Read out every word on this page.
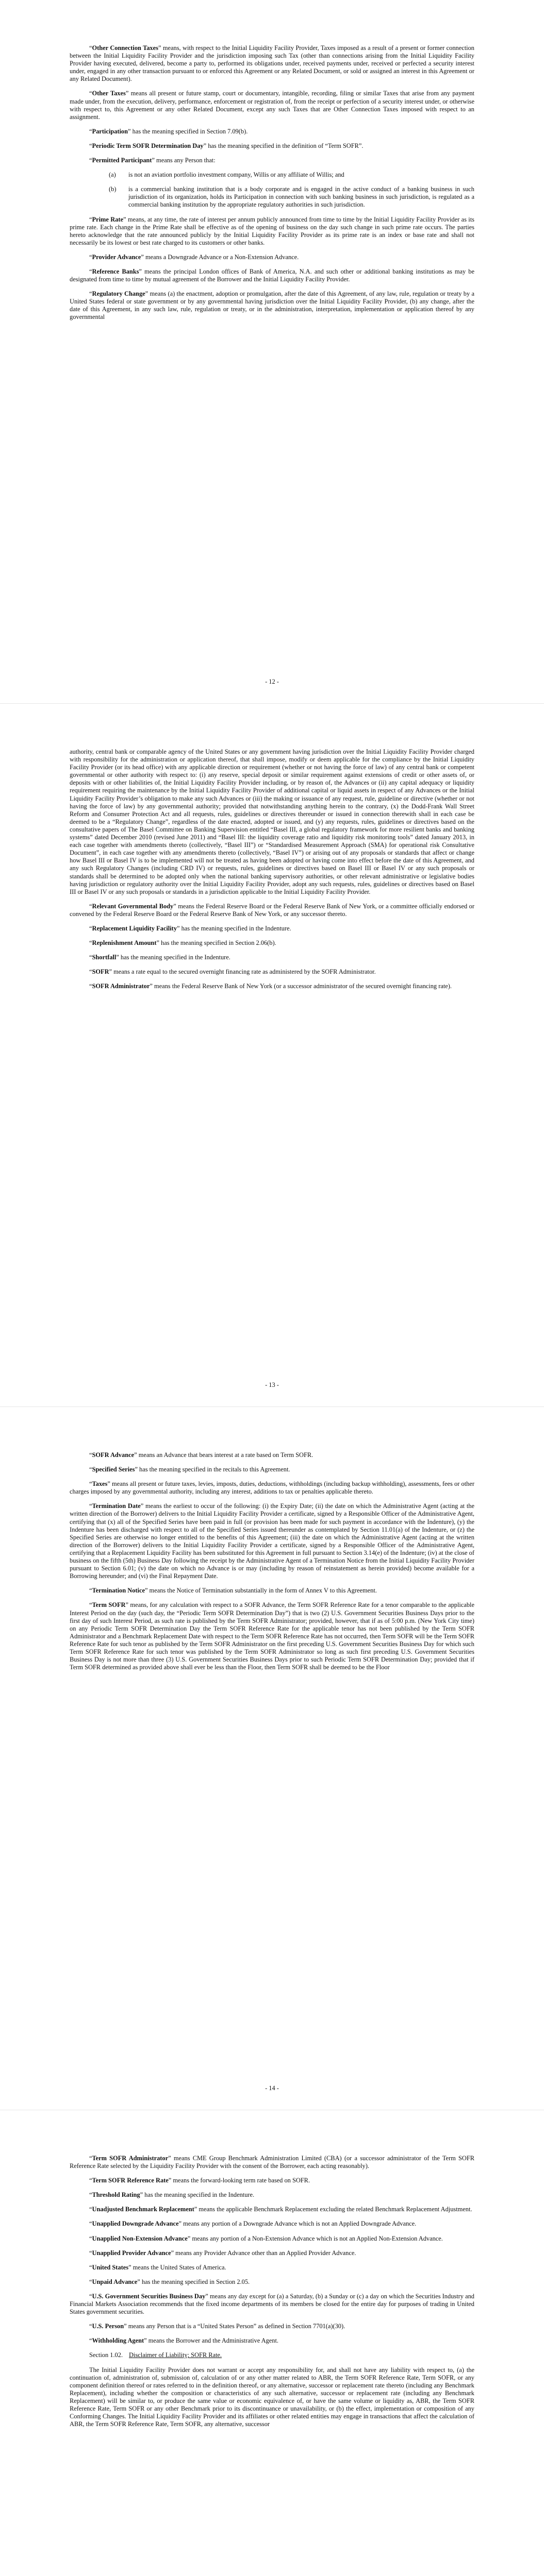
“Other Connection Taxes” means, with respect to the Initial Liquidity Facility Provider, Taxes imposed as a result of a present or former connection between the Initial Liquidity Facility Provider and the jurisdiction imposing such Tax (other than connections arising from the Initial Liquidity Facility Provider having executed, delivered, become a party to, performed its obligations under, received payments under, received or perfected a security interest under, engaged in any other transaction pursuant to or enforced this Agreement or any Related Document, or sold or assigned an interest in this Agreement or any Related Document).

“Other Taxes” means all present or future stamp, court or documentary, intangible, recording, filing or similar Taxes that arise from any payment made under, from the execution, delivery, performance, enforcement or registration of, from the receipt or perfection of a security interest under, or otherwise with respect to, this Agreement or any other Related Document, except any such Taxes that are Other Connection Taxes imposed with respect to an assignment.

“Participation” has the meaning specified in Section 7.09(b).

“Periodic Term SOFR Determination Day” has the meaning specified in the definition of “Term SOFR”.

“Permitted Participant” means any Person that:

(a)	is not an aviation portfolio investment company, Willis or any affiliate of Willis; and
(b)	is a commercial banking institution that is a body corporate and is engaged in the active conduct of a banking business in such jurisdiction of its organization, holds its Participation in connection with such banking business in such jurisdiction, is regulated as a commercial banking institution by the appropriate regulatory authorities in such jurisdiction.

“Prime Rate” means, at any time, the rate of interest per annum publicly announced from time to time by the Initial Liquidity Facility Provider as its prime rate. Each change in the Prime Rate shall be effective as of the opening of business on the day such change in such prime rate occurs. The parties hereto acknowledge that the rate announced publicly by the Initial Liquidity Facility Provider as its prime rate is an index or base rate and shall not necessarily be its lowest or best rate charged to its customers or other banks.

“Provider Advance” means a Downgrade Advance or a Non-Extension Advance.

“Reference Banks” means the principal London offices of Bank of America, N.A. and such other or additional banking institutions as may be designated from time to time by mutual agreement of the Borrower and the Initial Liquidity Facility Provider.

“Regulatory Change” means (a) the enactment, adoption or promulgation, after the date of this Agreement, of any law, rule, regulation or treaty by a United States federal or state government or by any governmental having jurisdiction over the Initial Liquidity Facility Provider, (b) any change, after the date of this Agreement, in any such law, rule, regulation or treaty, or in the administration, interpretation, implementation or application thereof by any governmental

- 12 -

authority, central bank or comparable agency of the United States or any government having jurisdiction over the Initial Liquidity Facility Provider charged with responsibility for the administration or application thereof, that shall impose, modify or deem applicable for the compliance by the Initial Liquidity Facility Provider (or its head office) with any applicable direction or requirement (whether or not having the force of law) of any central bank or competent governmental or other authority with respect to: (i) any reserve, special deposit or similar requirement against extensions of credit or other assets of, or deposits with or other liabilities of, the Initial Liquidity Facility Provider including, or by reason of, the Advances or (ii) any capital adequacy or liquidity requirement requiring the maintenance by the Initial Liquidity Facility Provider of additional capital or liquid assets in respect of any Advances or the Initial Liquidity Facility Provider’s obligation to make any such Advances or (iii) the making or issuance of any request, rule, guideline or directive (whether or not having the force of law) by any governmental authority; provided that notwithstanding anything herein to the contrary, (x) the Dodd-Frank Wall Street Reform and Consumer Protection Act and all requests, rules, guidelines or directives thereunder or issued in connection therewith shall in each case be deemed to be a “Regulatory Change”, regardless of the date enacted, adopted or issued, and (y) any requests, rules, guidelines or directives based on the consultative papers of The Basel Committee on Banking Supervision entitled “Basel III, a global regulatory framework for more resilient banks and banking systems” dated December 2010 (revised June 2011) and “Basel III: the liquidity coverage ratio and liquidity risk monitoring tools” dated January 2013, in each case together with amendments thereto (collectively, “Basel III”) or “Standardised Measurement Approach (SMA) for operational risk Consultative Document”, in each case together with any amendments thereto (collectively, “Basel IV”) or arising out of any proposals or standards that affect or change how Basel III or Basel IV is to be implemented will not be treated as having been adopted or having come into effect before the date of this Agreement, and any such Regulatory Changes (including CRD IV) or requests, rules, guidelines or directives based on Basel III or Basel IV or any such proposals or standards shall be determined to be adopted only when the national banking supervisory authorities, or other relevant administrative or legislative bodies having jurisdiction or regulatory authority over the Initial Liquidity Facility Provider, adopt any such requests, rules, guidelines or directives based on Basel III or Basel IV or any such proposals or standards in a jurisdiction applicable to the Initial Liquidity Facility Provider.

“Relevant Governmental Body” means the Federal Reserve Board or the Federal Reserve Bank of New York, or a committee officially endorsed or convened by the Federal Reserve Board or the Federal Reserve Bank of New York, or any successor thereto.

“Replacement Liquidity Facility” has the meaning specified in the Indenture.

“Replenishment Amount” has the meaning specified in Section 2.06(b).

“Shortfall” has the meaning specified in the Indenture.

“SOFR” means a rate equal to the secured overnight financing rate as administered by the SOFR Administrator.

“SOFR Administrator” means the Federal Reserve Bank of New York (or a successor administrator of the secured overnight financing rate).

- 13 -

“SOFR Advance” means an Advance that bears interest at a rate based on Term SOFR.

“Specified Series” has the meaning specified in the recitals to this Agreement.

“Taxes” means all present or future taxes, levies, imposts, duties, deductions, withholdings (including backup withholding), assessments, fees or other charges imposed by any governmental authority, including any interest, additions to tax or penalties applicable thereto.

“Termination Date” means the earliest to occur of the following: (i) the Expiry Date; (ii) the date on which the Administrative Agent (acting at the written direction of the Borrower) delivers to the Initial Liquidity Facility Provider a certificate, signed by a Responsible Officer of the Administrative Agent, certifying that (x) all of the Specified Series have been paid in full (or provision has been made for such payment in accordance with the Indenture), (y) the Indenture has been discharged with respect to all of the Specified Series issued thereunder as contemplated by Section 11.01(a) of the Indenture, or (z) the Specified Series are otherwise no longer entitled to the benefits of this Agreement; (iii) the date on which the Administrative Agent (acting at the written direction of the Borrower) delivers to the Initial Liquidity Facility Provider a certificate, signed by a Responsible Officer of the Administrative Agent, certifying that a Replacement Liquidity Facility has been substituted for this Agreement in full pursuant to Section 3.14(e) of the Indenture; (iv) at the close of business on the fifth (5th) Business Day following the receipt by the Administrative Agent of a Termination Notice from the Initial Liquidity Facility Provider pursuant to Section 6.01; (v) the date on which no Advance is or may (including by reason of reinstatement as herein provided) become available for a Borrowing hereunder; and (vi) the Final Repayment Date.

“Termination Notice” means the Notice of Termination substantially in the form of Annex V to this Agreement.

“Term SOFR” means, for any calculation with respect to a SOFR Advance, the Term SOFR Reference Rate for a tenor comparable to the applicable Interest Period on the day (such day, the “Periodic Term SOFR Determination Day”) that is two (2) U.S. Government Securities Business Days prior to the first day of such Interest Period, as such rate is published by the Term SOFR Administrator; provided, however, that if as of 5:00 p.m. (New York City time) on any Periodic Term SOFR Determination Day the Term SOFR Reference Rate for the applicable tenor has not been published by the Term SOFR Administrator and a Benchmark Replacement Date with respect to the Term SOFR Reference Rate has not occurred, then Term SOFR will be the Term SOFR Reference Rate for such tenor as published by the Term SOFR Administrator on the first preceding U.S. Government Securities Business Day for which such Term SOFR Reference Rate for such tenor was published by the Term SOFR Administrator so long as such first preceding U.S. Government Securities Business Day is not more than three (3) U.S. Government Securities Business Days prior to such Periodic Term SOFR Determination Day; provided that if Term SOFR determined as provided above shall ever be less than the Floor, then Term SOFR shall be deemed to be the Floor

- 14 -

“Term SOFR Administrator” means CME Group Benchmark Administration Limited (CBA) (or a successor administrator of the Term SOFR Reference Rate selected by the Liquidity Facility Provider with the consent of the Borrower, each acting reasonably).

“Term SOFR Reference Rate” means the forward-looking term rate based on SOFR.

“Threshold Rating” has the meaning specified in the Indenture.

“Unadjusted Benchmark Replacement” means the applicable Benchmark Replacement excluding the related Benchmark Replacement Adjustment.

“Unapplied Downgrade Advance” means any portion of a Downgrade Advance which is not an Applied Downgrade Advance.

“Unapplied Non-Extension Advance” means any portion of a Non-Extension Advance which is not an Applied Non-Extension Advance.

“Unapplied Provider Advance” means any Provider Advance other than an Applied Provider Advance.

“United States” means the United States of America.

“Unpaid Advance” has the meaning specified in Section 2.05.

“U.S. Government Securities Business Day” means any day except for (a) a Saturday, (b) a Sunday or (c) a day on which the Securities Industry and Financial Markets Association recommends that the fixed income departments of its members be closed for the entire day for purposes of trading in United States government securities.

“U.S. Person” means any Person that is a “United States Person” as defined in Section 7701(a)(30).

“Withholding Agent” means the Borrower and the Administrative Agent.

Section 1.02. Disclaimer of Liability; SOFR Rate.

The Initial Liquidity Facility Provider does not warrant or accept any responsibility for, and shall not have any liability with respect to, (a) the continuation of, administration of, submission of, calculation of or any other matter related to ABR, the Term SOFR Reference Rate, Term SOFR, or any component definition thereof or rates referred to in the definition thereof, or any alternative, successor or replacement rate thereto (including any Benchmark Replacement), including whether the composition or characteristics of any such alternative, successor or replacement rate (including any Benchmark Replacement) will be similar to, or produce the same value or economic equivalence of, or have the same volume or liquidity as, ABR, the Term SOFR Reference Rate, Term SOFR or any other Benchmark prior to its discontinuance or unavailability, or (b) the effect, implementation or composition of any Conforming Changes. The Initial Liquidity Facility Provider and its affiliates or other related entities may engage in transactions that affect the calculation of ABR, the Term SOFR Reference Rate, Term SOFR, any alternative, successor
